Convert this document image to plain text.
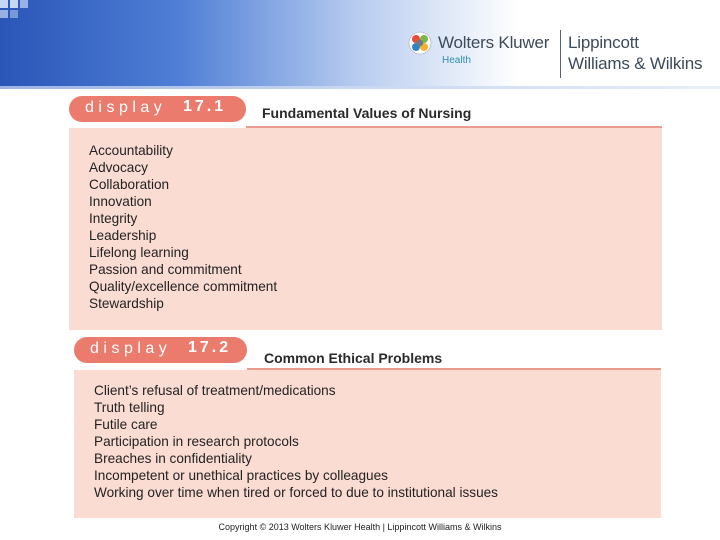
Wolters Kluwer
Health
Lippincott
Williams & Wilkins
display 17.1	Fundamental Values of Nursing
Accountability
Advocacy
Collaboration
Innovation
Integrity
Leadership
Lifelong learning
Passion and commitment
Quality/excellence commitment
Stewardship
display 17.2
Common Ethical Problems
Client’s refusal of treatment/medications
Truth telling
Futile care
Participation in research protocols
Breaches in confidentiality
Incompetent or unethical practices by colleagues
Working over time when tired or forced to due to institutional issues
Copyright © 2013 Wolters Kluwer Health | Lippincott Williams & Wilkins
